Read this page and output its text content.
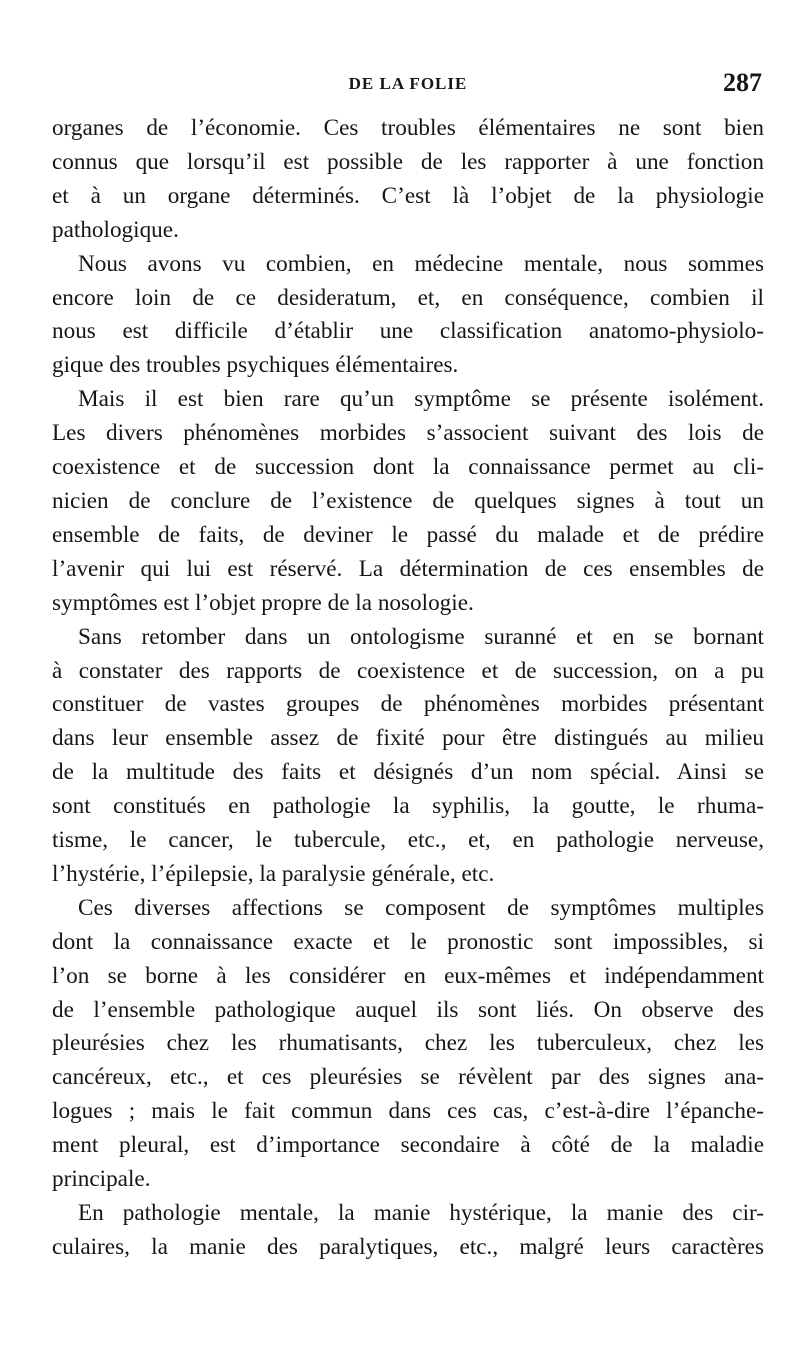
DE LA FOLIE	287
organes de l’économie. Ces troubles élémentaires ne sont bien
connus que lorsqu’il est possible de les rapporter à une fonction
et à un organe déterminés. C’est là l’objet de la physiologie
pathologique.
Nous avons vu combien, en médecine mentale, nous sommes
encore loin de ce desideratum, et, en conséquence, combien il
nous est difficile d’établir une classification anatomo-physiolo-
gique des troubles psychiques élémentaires.
Mais il est bien rare qu’un symptôme se présente isolément.
Les divers phénomènes morbides s’associent suivant des lois de
coexistence et de succession dont la connaissance permet au cli-
nicien de conclure de l’existence de quelques signes à tout un
ensemble de faits, de deviner le passé du malade et de prédire
l’avenir qui lui est réservé. La détermination de ces ensembles de
symptômes est l’objet propre de la nosologie.
Sans retomber dans un ontologisme suranné et en se bornant
à constater des rapports de coexistence et de succession, on a pu
constituer de vastes groupes de phénomènes morbides présentant
dans leur ensemble assez de fixité pour être distingués au milieu
de la multitude des faits et désignés d’un nom spécial. Ainsi se
sont constitués en pathologie la syphilis, la goutte, le rhuma-
tisme, le cancer, le tubercule, etc., et, en pathologie nerveuse,
l’hystérie, l’épilepsie, la paralysie générale, etc.
Ces diverses affections se composent de symptômes multiples
dont la connaissance exacte et le pronostic sont impossibles, si
l’on se borne à les considérer en eux-mêmes et indépendamment
de l’ensemble pathologique auquel ils sont liés. On observe des
pleurésies chez les rhumatisants, chez les tuberculeux, chez les
cancéreux, etc., et ces pleurésies se révèlent par des signes ana-
logues ; mais le fait commun dans ces cas, c’est-à-dire l’épanche-
ment pleural, est d’importance secondaire à côté de la maladie
principale.
En pathologie mentale, la manie hystérique, la manie des cir-
culaires, la manie des paralytiques, etc., malgré leurs caractères
